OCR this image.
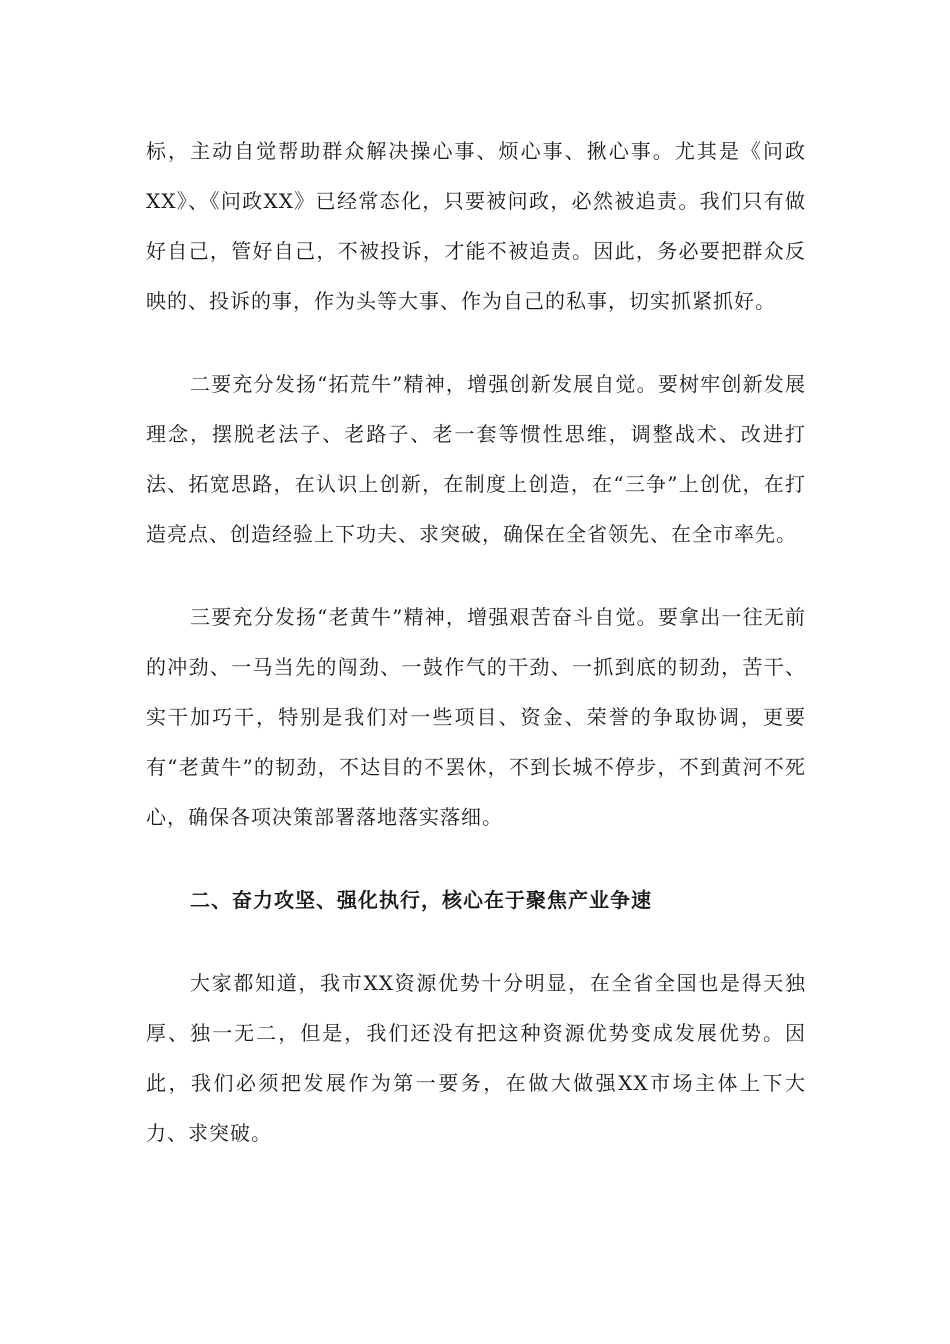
标，主动自觉帮助群众解决操心事、烦心事、揪心事。尤其是《问政XX》、《问政XX》已经常态化，只要被问政，必然被追责。我们只有做好自己，管好自己，不被投诉，才能不被追责。因此，务必要把群众反映的、投诉的事，作为头等大事、作为自己的私事，切实抓紧抓好。

二要充分发扬“拓荒牛”精神，增强创新发展自觉。要树牢创新发展理念，摆脱老法子、老路子、老一套等惯性思维，调整战术、改进打法、拓宽思路，在认识上创新，在制度上创造，在“三争”上创优，在打造亮点、创造经验上下功夫、求突破，确保在全省领先、在全市率先。

三要充分发扬“老黄牛”精神，增强艰苦奋斗自觉。要拿出一往无前的冲劲、一马当先的闯劲、一鼓作气的干劲、一抓到底的韧劲，苦干、实干加巧干，特别是我们对一些项目、资金、荣誉的争取协调，更要有“老黄牛”的韧劲，不达目的不罢休，不到长城不停步，不到黄河不死心，确保各项决策部署落地落实落细。

二、奋力攻坚、强化执行，核心在于聚焦产业争速

大家都知道，我市XX资源优势十分明显，在全省全国也是得天独厚、独一无二，但是，我们还没有把这种资源优势变成发展优势。因此，我们必须把发展作为第一要务，在做大做强XX市场主体上下大力、求突破。
